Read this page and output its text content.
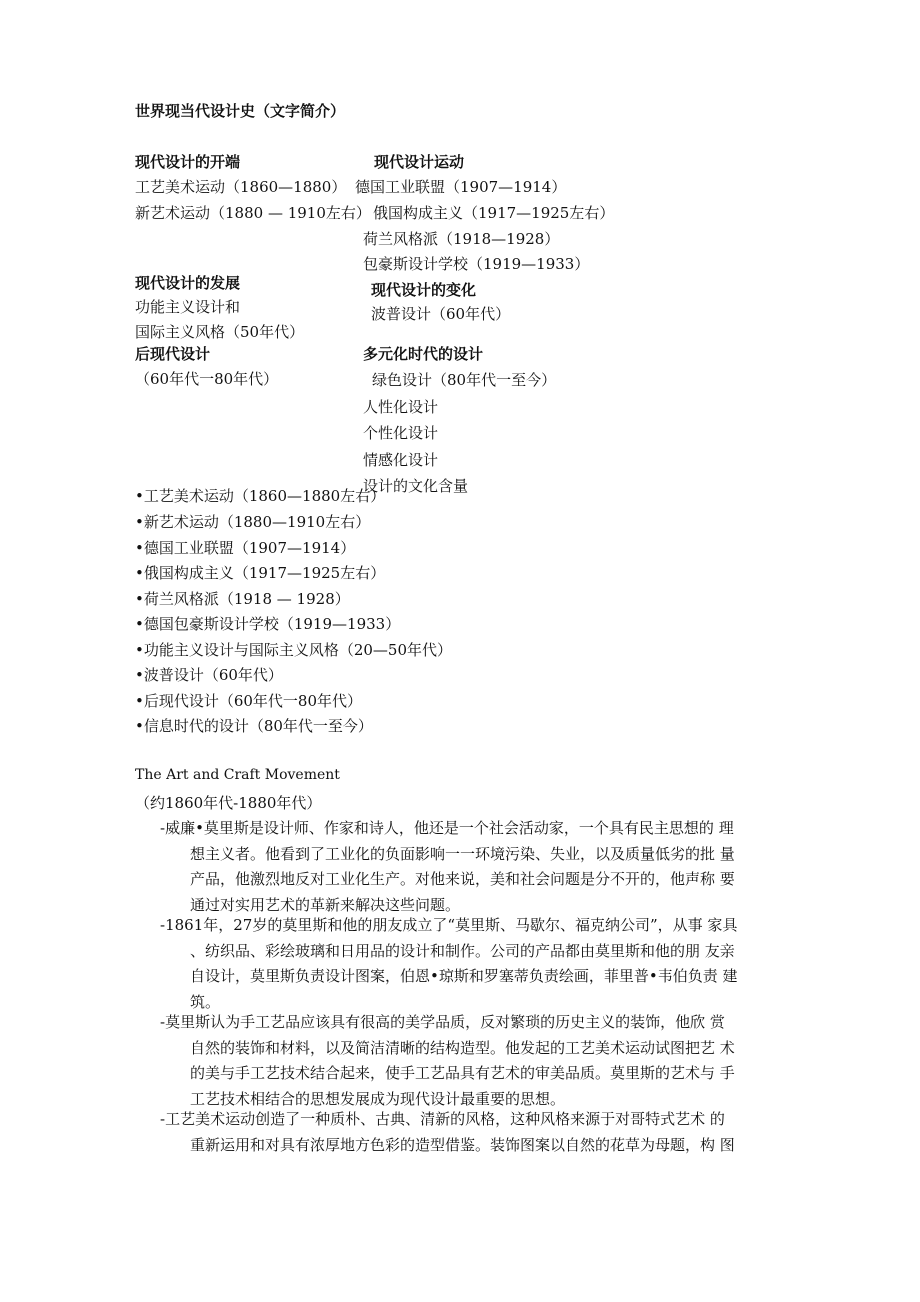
世界现当代设计史（文字简介）
现代设计的开端
工艺美术运动（1860—1880）
新艺术运动（1880 — 1910左右）
现代设计运动
德国工业联盟（1907—1914）
俄国构成主义（1917—1925左右）
荷兰风格派（1918—1928）
包豪斯设计学校（1919—1933）
现代设计的发展
功能主义设计和
国际主义风格（50年代）
现代设计的变化
波普设计（60年代）
后现代设计
（60年代一80年代）
多元化时代的设计
绿色设计（80年代一至今）
人性化设计
个性化设计
情感化设计
设计的文化含量
•工艺美术运动（1860—1880左右）
•新艺术运动（1880—1910左右）
•德国工业联盟（1907—1914）
•俄国构成主义（1917—1925左右）
•荷兰风格派（1918 — 1928）
•德国包豪斯设计学校（1919—1933）
•功能主义设计与国际主义风格（20—50年代）
•波普设计（60年代）
•后现代设计（60年代一80年代）
•信息时代的设计（80年代一至今）
The Art and Craft Movement
（约1860年代-1880年代）
-威廉•莫里斯是设计师、作家和诗人，他还是一个社会活动家，一个具有民主思想的 理
想主义者。他看到了工业化的负面影响一一环境污染、失业，以及质量低劣的批 量
产品，他激烈地反对工业化生产。对他来说，美和社会问题是分不开的，他声称 要
通过对实用艺术的革新来解决这些问题。
-1861年，27岁的莫里斯和他的朋友成立了“莫里斯、马歇尔、福克纳公司”，从事 家具
、纺织品、彩绘玻璃和日用品的设计和制作。公司的产品都由莫里斯和他的朋 友亲
自设计，莫里斯负责设计图案，伯恩•琼斯和罗塞蒂负责绘画，菲里普•韦伯负责 建
筑。
-莫里斯认为手工艺品应该具有很高的美学品质，反对繁琐的历史主义的装饰，他欣 赏
自然的装饰和材料，以及简洁清晰的结构造型。他发起的工艺美术运动试图把艺 术
的美与手工艺技术结合起来，使手工艺品具有艺术的审美品质。莫里斯的艺术与 手
工艺技术相结合的思想发展成为现代设计最重要的思想。
-工艺美术运动创造了一种质朴、古典、清新的风格，这种风格来源于对哥特式艺术 的
重新运用和对具有浓厚地方色彩的造型借鉴。装饰图案以自然的花草为母题，构 图
